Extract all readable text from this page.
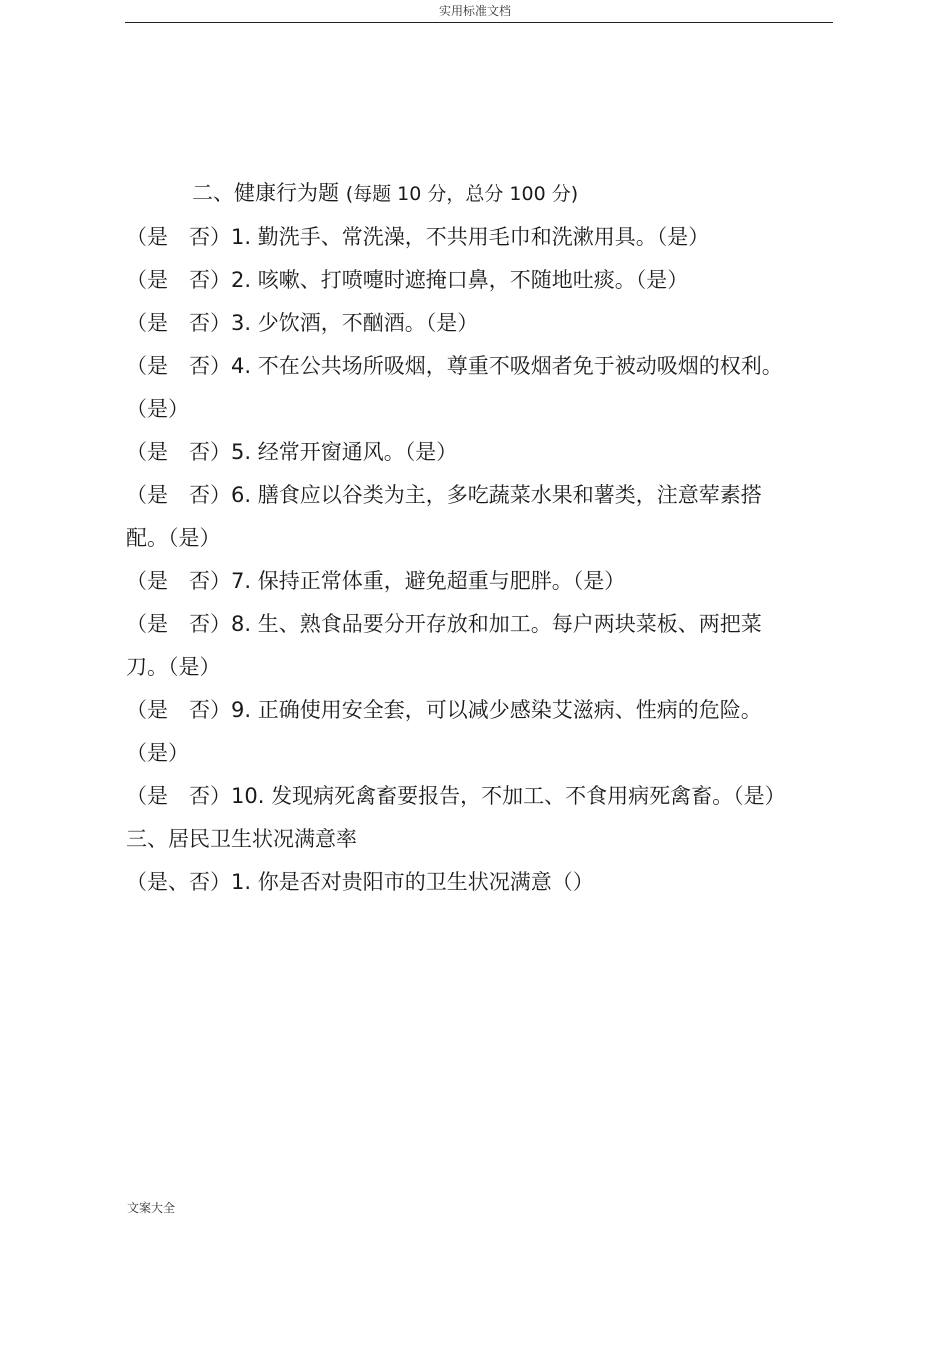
实用标准文档

二、健康行为题 (每题 10 分，总分 100 分)

（是　否）1. 勤洗手、常洗澡，不共用毛巾和洗漱用具。（是）

（是　否）2. 咳嗽、打喷嚏时遮掩口鼻，不随地吐痰。（是）

（是　否）3. 少饮酒，不酗酒。（是）

（是　否）4. 不在公共场所吸烟，尊重不吸烟者免于被动吸烟的权利。（是）

（是　否）5. 经常开窗通风。（是）

（是　否）6. 膳食应以谷类为主，多吃蔬菜水果和薯类，注意荤素搭配。（是）

（是　否）7. 保持正常体重，避免超重与肥胖。（是）

（是　否）8. 生、熟食品要分开存放和加工。每户两块菜板、两把菜刀。（是）

（是　否）9. 正确使用安全套，可以减少感染艾滋病、性病的危险。（是）

（是　否）10. 发现病死禽畜要报告，不加工、不食用病死禽畜。（是）

三、居民卫生状况满意率

（是、否）1. 你是否对贵阳市的卫生状况满意（）

文案大全
